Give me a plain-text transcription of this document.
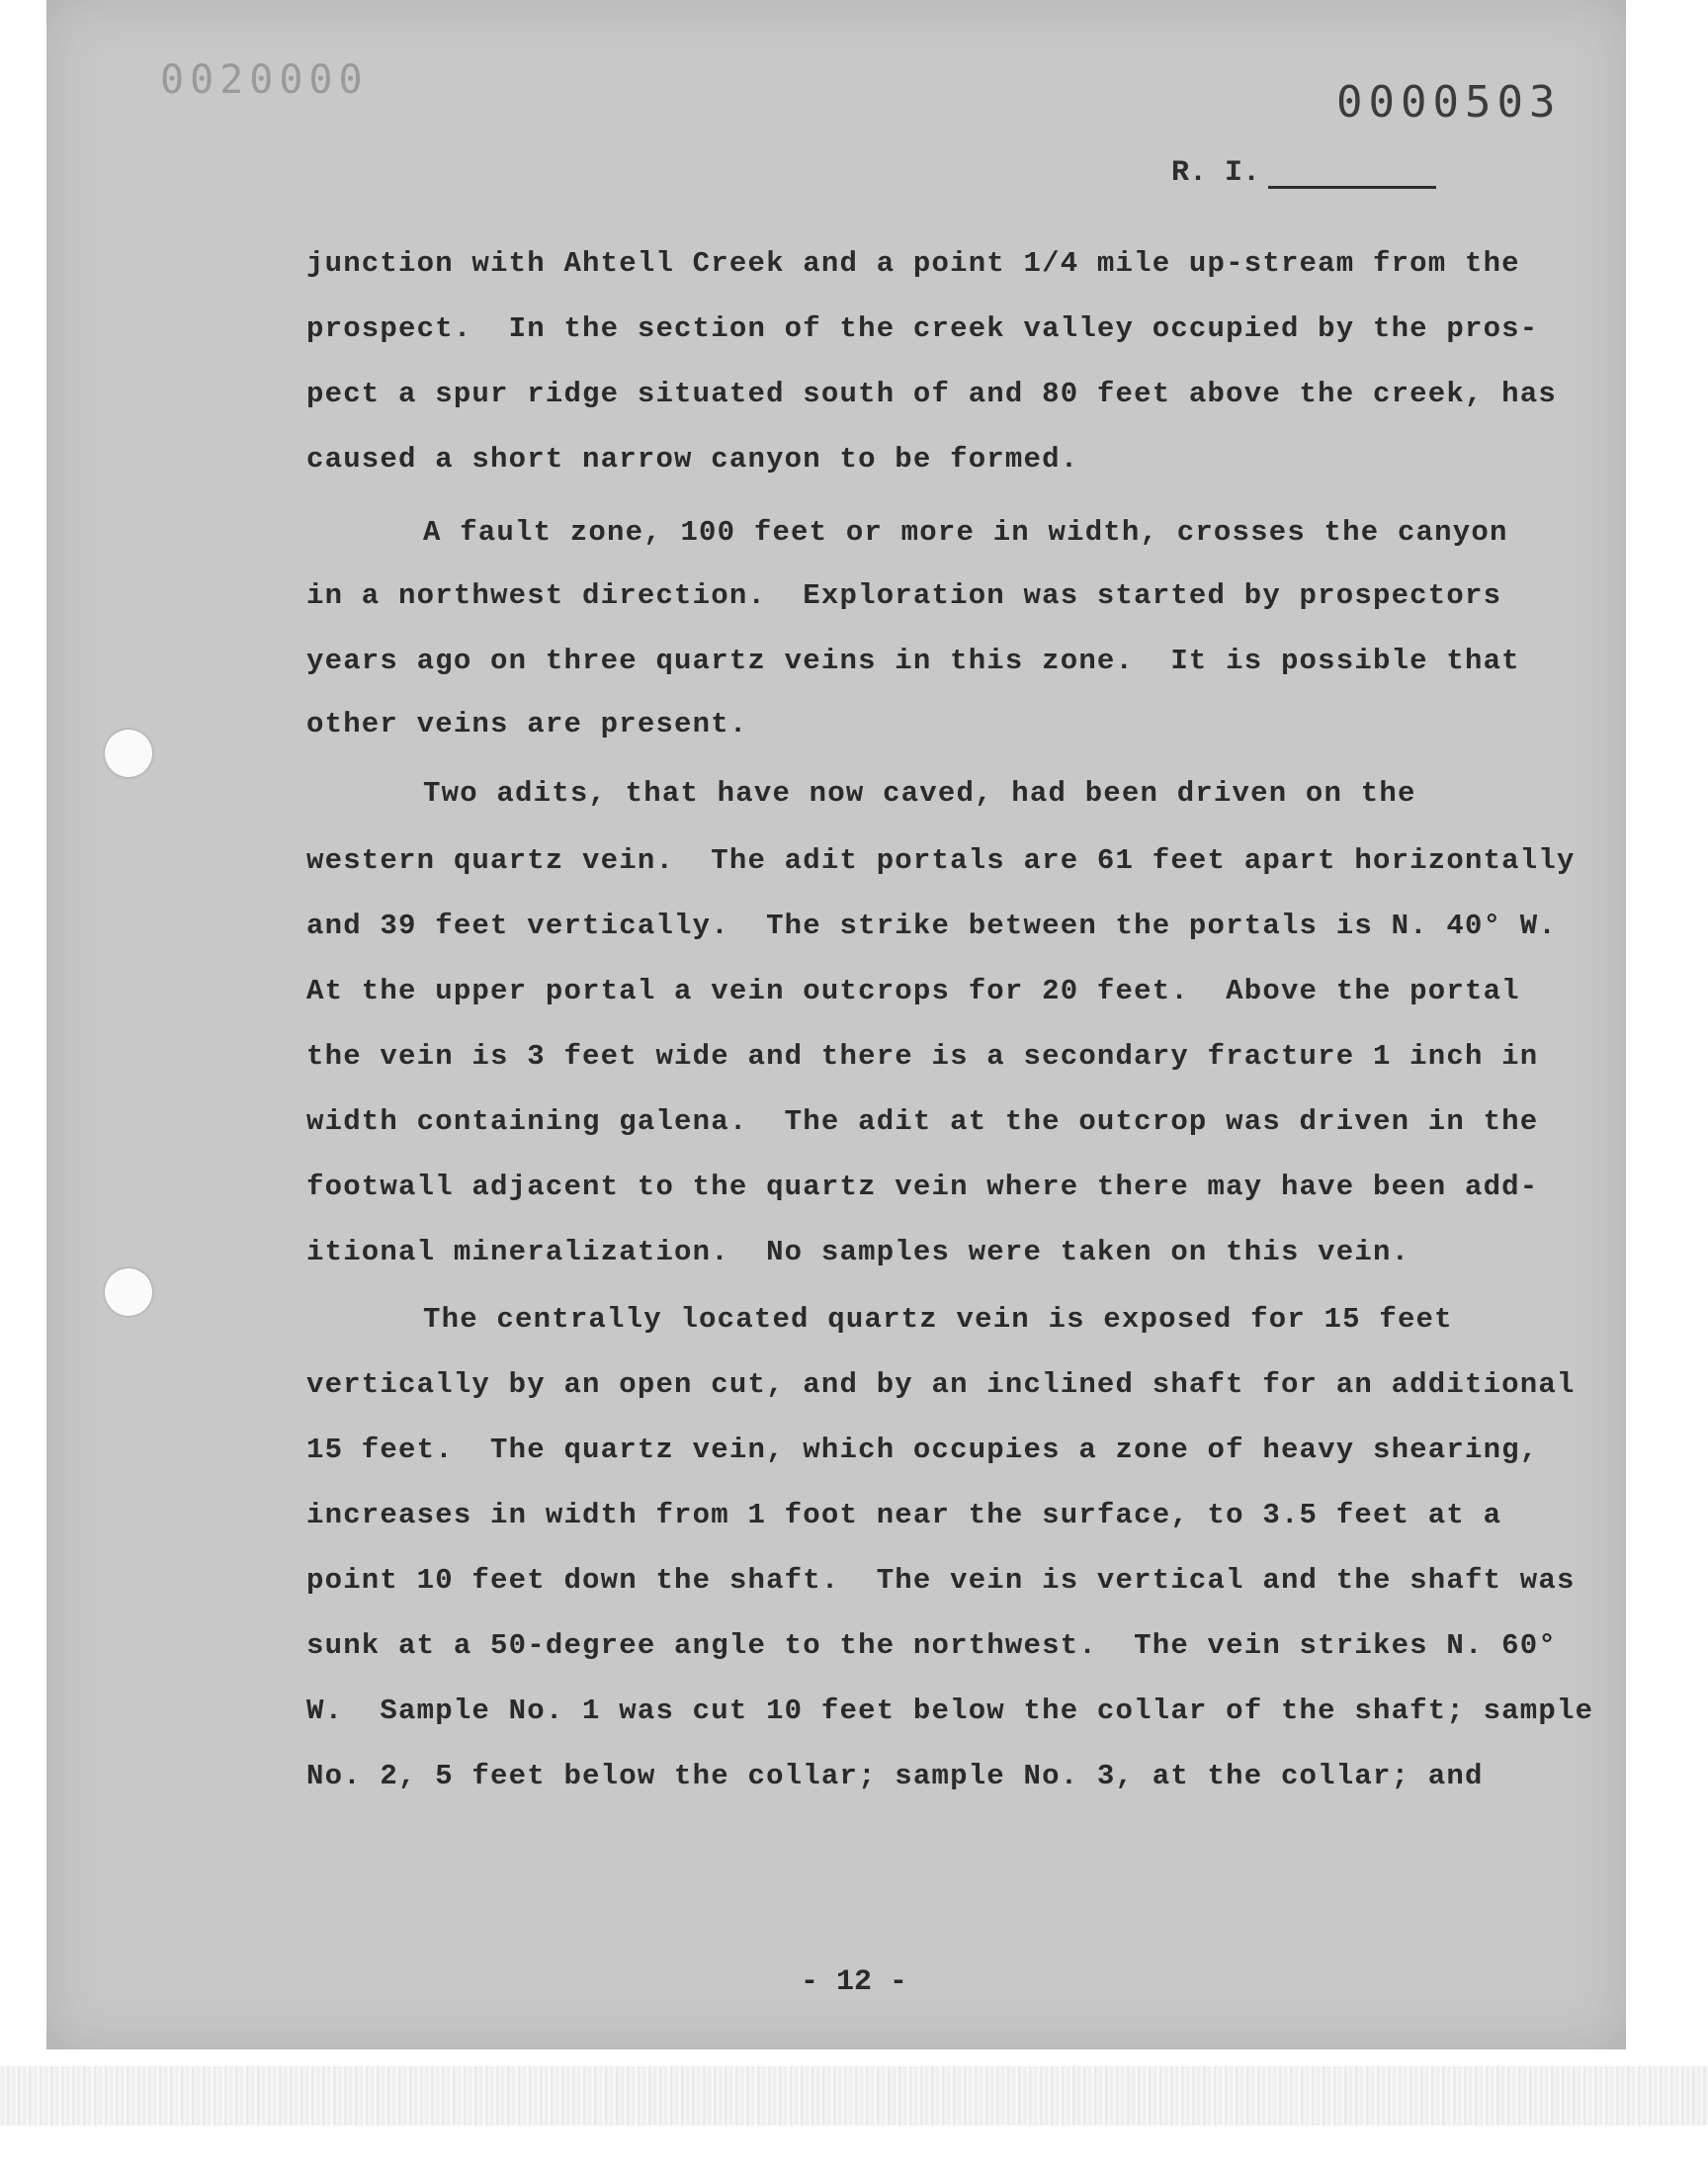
0020000	0000503
R. I.
junction with Ahtell Creek and a point 1/4 mile up-stream from the
prospect.  In the section of the creek valley occupied by the pros-
pect a spur ridge situated south of and 80 feet above the creek, has
caused a short narrow canyon to be formed.
A fault zone, 100 feet or more in width, crosses the canyon
in a northwest direction.  Exploration was started by prospectors
years ago on three quartz veins in this zone.  It is possible that
other veins are present.
Two adits, that have now caved, had been driven on the
western quartz vein.  The adit portals are 61 feet apart horizontally
and 39 feet vertically.  The strike between the portals is N. 40° W.
At the upper portal a vein outcrops for 20 feet.  Above the portal
the vein is 3 feet wide and there is a secondary fracture 1 inch in
width containing galena.  The adit at the outcrop was driven in the
footwall adjacent to the quartz vein where there may have been add-
itional mineralization.  No samples were taken on this vein.
The centrally located quartz vein is exposed for 15 feet
vertically by an open cut, and by an inclined shaft for an additional
15 feet.  The quartz vein, which occupies a zone of heavy shearing,
increases in width from 1 foot near the surface, to 3.5 feet at a
point 10 feet down the shaft.  The vein is vertical and the shaft was
sunk at a 50-degree angle to the northwest.  The vein strikes N. 60°
W.  Sample No. 1 was cut 10 feet below the collar of the shaft; sample
No. 2, 5 feet below the collar; sample No. 3, at the collar; and
- 12 -
